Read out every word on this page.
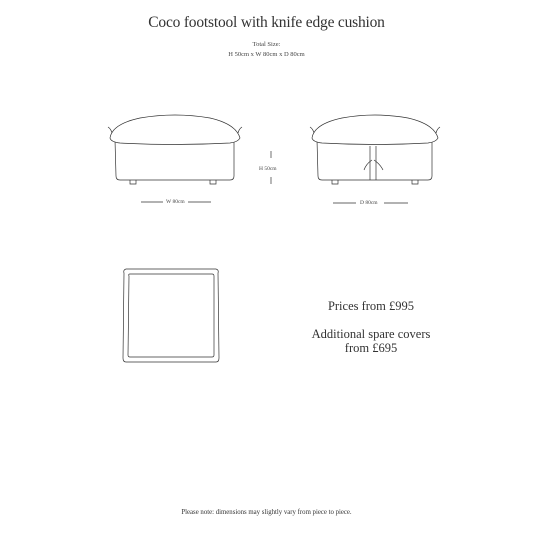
Coco footstool with knife edge cushion
Total Size:
H 50cm x W 80cm x D 80cm
H 50cm
W 80cm	D 80cm
Prices from £995
Additional spare covers
from £695
Please note: dimensions may slightly vary from piece to piece.
